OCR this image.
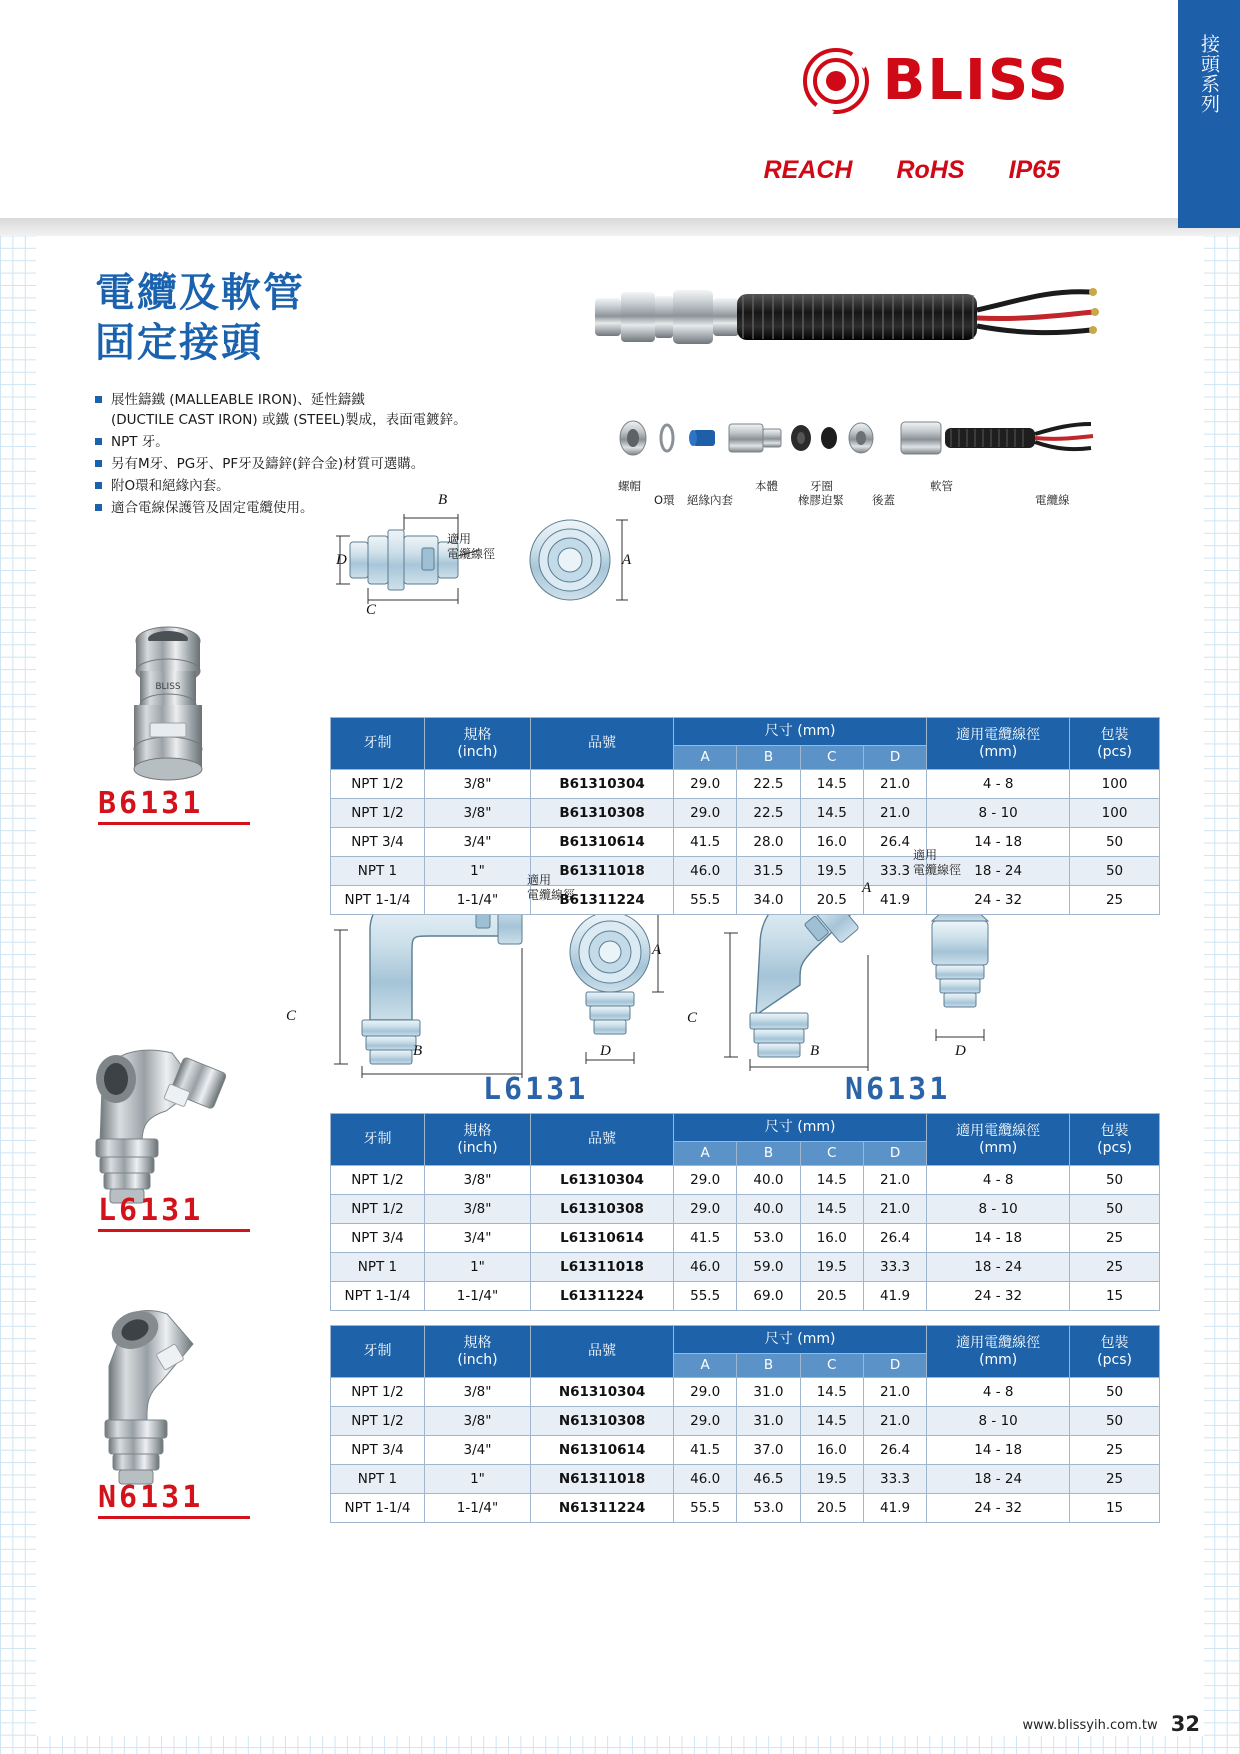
接頭系列
BLISS
REACH RoHS IP65
電纜及軟管
固定接頭
展性鑄鐵 (MALLEABLE IRON)、延性鑄鐵
(DUCTILE CAST IRON) 或鐵 (STEEL)製成，表面電鍍鋅。
NPT 牙。
另有M牙、PG牙、PF牙及鑄鋅(鋅合金)材質可選購。
附O環和絕緣內套。
適合電線保護管及固定電纜使用。
螺帽
O環 絕緣內套
本體	牙圈
橡膠迫緊 後蓋
軟管
電纜線
B
D
C
A
適用
電纜線徑
BLISS
B6131
牙制	規格
(inch)	品號	尺寸 (mm)				適用電纜線徑
(mm)	包裝
(pcs)
			A	B	C	D		
NPT 1/2	3/8"	B61310304	29.0	22.5	14.5	21.0	4 - 8	100
NPT 1/2	3/8"	B61310308	29.0	22.5	14.5	21.0	8 - 10	100
NPT 3/4	3/4"	B61310614	41.5	28.0	16.0	26.4	14 - 18	50
NPT 1	1"	B61311018	46.0	31.5	19.5	33.3	18 - 24	50
NPT 1-1/4	1-1/4"	B61311224	55.5	34.0	20.5	41.9	24 - 32	25
適用
電纜線徑
C
B
A
D
L6131
適用
電纜線徑
A
C
B	D
N6131
L6131
牙制	規格
(inch)	品號	尺寸 (mm)				適用電纜線徑
(mm)	包裝
(pcs)
			A	B	C	D		
NPT 1/2	3/8"	L61310304	29.0	40.0	14.5	21.0	4 - 8	50
NPT 1/2	3/8"	L61310308	29.0	40.0	14.5	21.0	8 - 10	50
NPT 3/4	3/4"	L61310614	41.5	53.0	16.0	26.4	14 - 18	25
NPT 1	1"	L61311018	46.0	59.0	19.5	33.3	18 - 24	25
NPT 1-1/4	1-1/4"	L61311224	55.5	69.0	20.5	41.9	24 - 32	15
N6131
牙制	規格
(inch)	品號	尺寸 (mm)				適用電纜線徑
(mm)	包裝
(pcs)
			A	B	C	D		
NPT 1/2	3/8"	N61310304	29.0	31.0	14.5	21.0	4 - 8	50
NPT 1/2	3/8"	N61310308	29.0	31.0	14.5	21.0	8 - 10	50
NPT 3/4	3/4"	N61310614	41.5	37.0	16.0	26.4	14 - 18	25
NPT 1	1"	N61311018	46.0	46.5	19.5	33.3	18 - 24	25
NPT 1-1/4	1-1/4"	N61311224	55.5	53.0	20.5	41.9	24 - 32	15
www.blissyih.com.tw 32
